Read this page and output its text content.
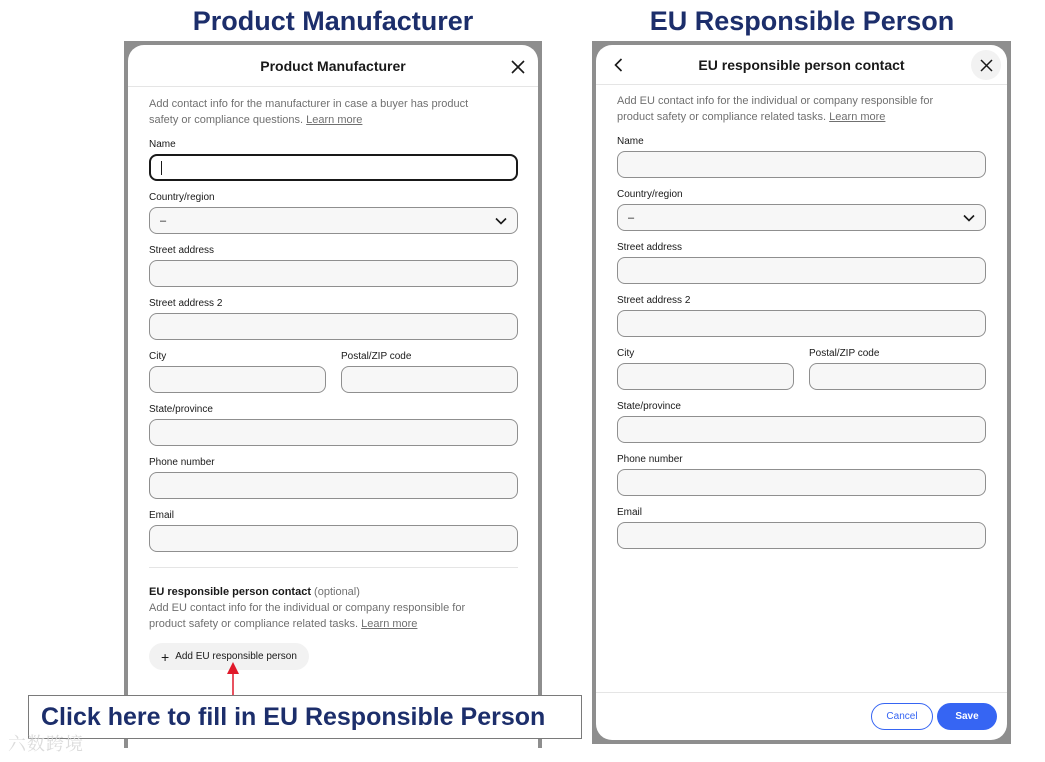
Product Manufacturer	EU Responsible Person
Product Manufacturer
Add contact info for the manufacturer in case a buyer has product safety or compliance questions. Learn more
Name
Country/region
–
Street address
Street address 2
City	Postal/ZIP code
State/province
Phone number
Email
EU responsible person contact (optional)
Add EU contact info for the individual or company responsible for product safety or compliance related tasks. Learn more
+ Add EU responsible person
EU responsible person contact
Add EU contact info for the individual or company responsible for product safety or compliance related tasks. Learn more
Name
Country/region
–
Street address
Street address 2
City	Postal/ZIP code
State/province
Phone number
Email
Cancel	Save
Click here to fill in EU Responsible Person
六数跨境
